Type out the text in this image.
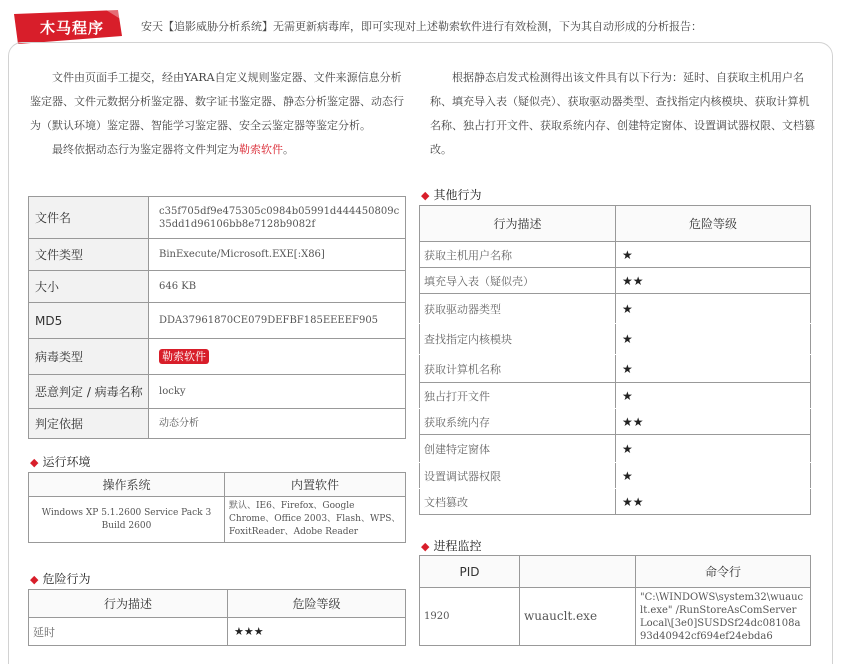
木马程序	安天【追影威胁分析系统】无需更新病毒库，即可实现对上述勒索软件进行有效检测，下为其自动形成的分析报告：

文件由页面手工提交，经由YARA自定义规则鉴定器、文件来源信息分析鉴定器、文件元数据分析鉴定器、数字证书鉴定器、静态分析鉴定器、动态行为（默认环境）鉴定器、智能学习鉴定器、安全云鉴定器等鉴定分析。

最终依据动态行为鉴定器将文件判定为勒索软件。

根据静态启发式检测得出该文件具有以下行为：延时、自获取主机用户名称、填充导入表（疑似壳）、获取驱动器类型、查找指定内核模块、获取计算机名称、独占打开文件、获取系统内存、创建特定窗体、设置调试器权限、文档篡改。
文件名	c35f705df9e475305c0984b05991d444450809c35dd1d96106bb8e7128b9082f
文件类型	BinExecute/Microsoft.EXE[:X86]
大小	646 KB
MD5	DDA37961870CE079DEFBF185EEEEF905
病毒类型	勒索软件
恶意判定 / 病毒名称	locky
判定依据	动态分析
◆ 运行环境
操作系统	内置软件
Windows XP 5.1.2600 Service Pack 3 Build 2600	默认、IE6、Firefox、Google Chrome、Office 2003、Flash、WPS、FoxitReader、Adobe Reader
◆ 危险行为
行为描述	危险等级
延时	★★★
◆ 其他行为
行为描述	危险等级
获取主机用户名称	★
填充导入表（疑似壳）	★★
获取驱动器类型	★
查找指定内核模块	★
获取计算机名称	★
独占打开文件	★
获取系统内存	★★
创建特定窗体	★
设置调试器权限	★
文档篡改	★★
◆ 进程监控
PID		命令行
1920	wuauclt.exe	"C:\WINDOWS\system32\wuauclt.exe" /RunStoreAsComServer Local\[3e0]SUSDSf24dc08108a93d40942cf694ef24ebda6
